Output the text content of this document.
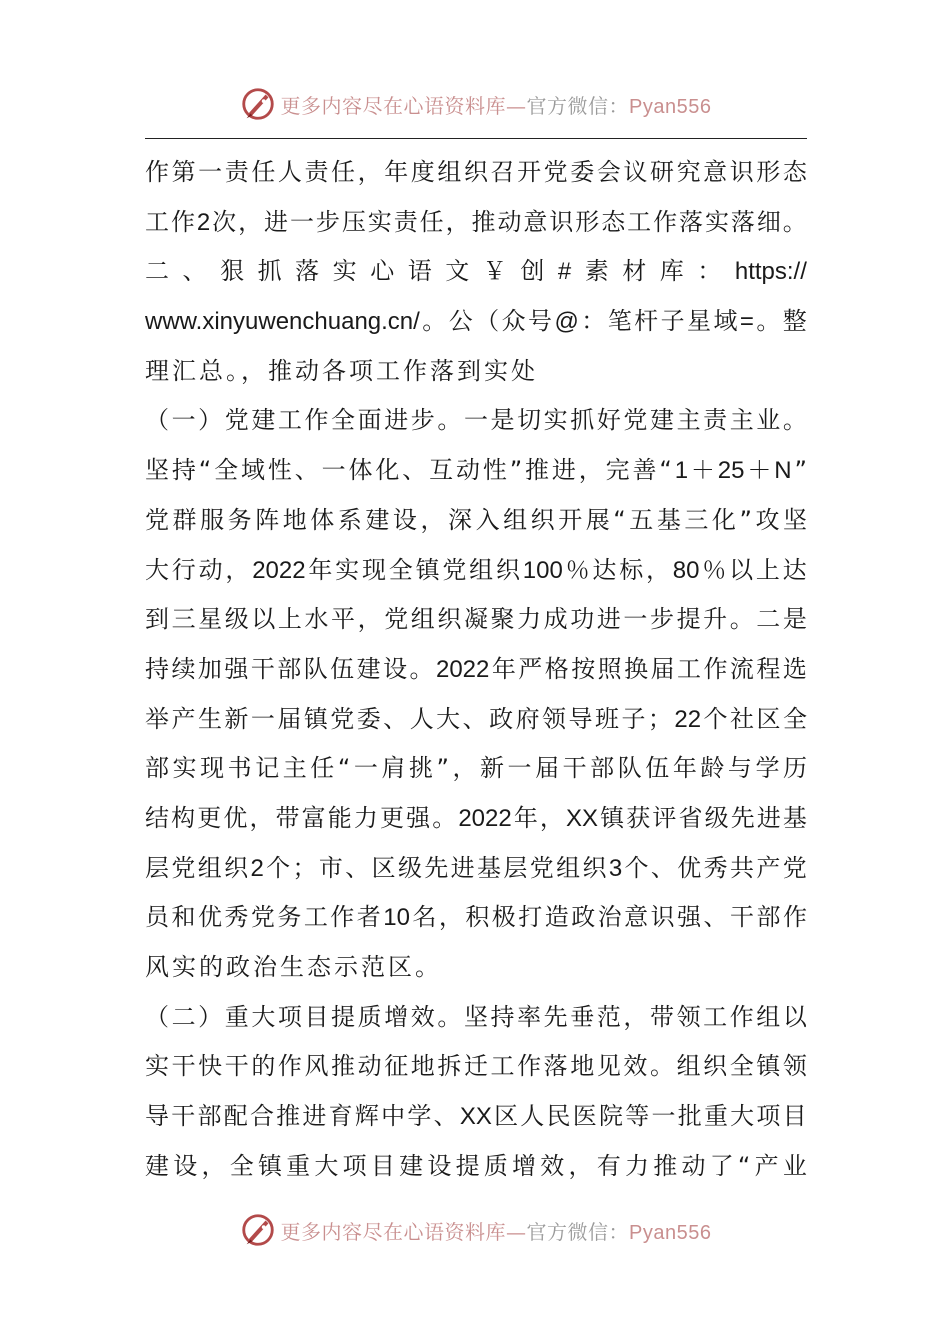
更多内容尽在心语资料库—官方微信：Pyan556
作 第 一 责 任 人 责 任 ， 年 度 组 织 召 开 党 委 会 议 研 究 意 识 形 态
工 作 2 次 ， 进 一 步 压 实 责 任 ， 推 动 意 识 形 态 工 作 落 实 落 细 。
二 、 狠 抓 落 实 心 语 文 ￥ 创 # 素 材 库 ： https://
www.xinyuwenchuang.cn/ 。 公 （ 众 号 @ ： 笔 杆 子 星 域 = 。 整
理汇总。，推动各项工作落到实处
（ 一 ） 党 建 工 作 全 面 进 步 。 一 是 切 实 抓 好 党 建 主 责 主 业 。
坚 持 “ 全 域 性 、 一 体 化 、 互 动 性 ” 推 进 ， 完 善 “ 1 ＋ 25 ＋ N ”
党 群 服 务 阵 地 体 系 建 设 ， 深 入 组 织 开 展 “ 五 基 三 化 ” 攻 坚
大 行 动 ， 2022 年 实 现 全 镇 党 组 织 100 ％ 达 标 ， 80 ％ 以 上 达
到 三 星 级 以 上 水 平 ， 党 组 织 凝 聚 力 成 功 进 一 步 提 升 。 二 是
持 续 加 强 干 部 队 伍 建 设 。 2022 年 严 格 按 照 换 届 工 作 流 程 选
举 产 生 新 一 届 镇 党 委 、 人 大 、 政 府 领 导 班 子 ； 22 个 社 区 全
部 实 现 书 记 主 任 “ 一 肩 挑 ” ， 新 一 届 干 部 队 伍 年 龄 与 学 历
结 构 更 优 ， 带 富 能 力 更 强 。 2022 年 ， XX 镇 获 评 省 级 先 进 基
层 党 组 织 2 个 ； 市 、 区 级 先 进 基 层 党 组 织 3 个 、 优 秀 共 产 党
员 和 优 秀 党 务 工 作 者 10 名 ， 积 极 打 造 政 治 意 识 强 、 干 部 作
风实的政治生态示范区。
（ 二 ） 重 大 项 目 提 质 增 效 。 坚 持 率 先 垂 范 ， 带 领 工 作 组 以
实 干 快 干 的 作 风 推 动 征 地 拆 迁 工 作 落 地 见 效 。 组 织 全 镇 领
导 干 部 配 合 推 进 育 辉 中 学 、 XX 区 人 民 医 院 等 一 批 重 大 项 目
建 设 ， 全 镇 重 大 项 目 建 设 提 质 增 效 ， 有 力 推 动 了 “ 产 业
更多内容尽在心语资料库—官方微信：Pyan556
